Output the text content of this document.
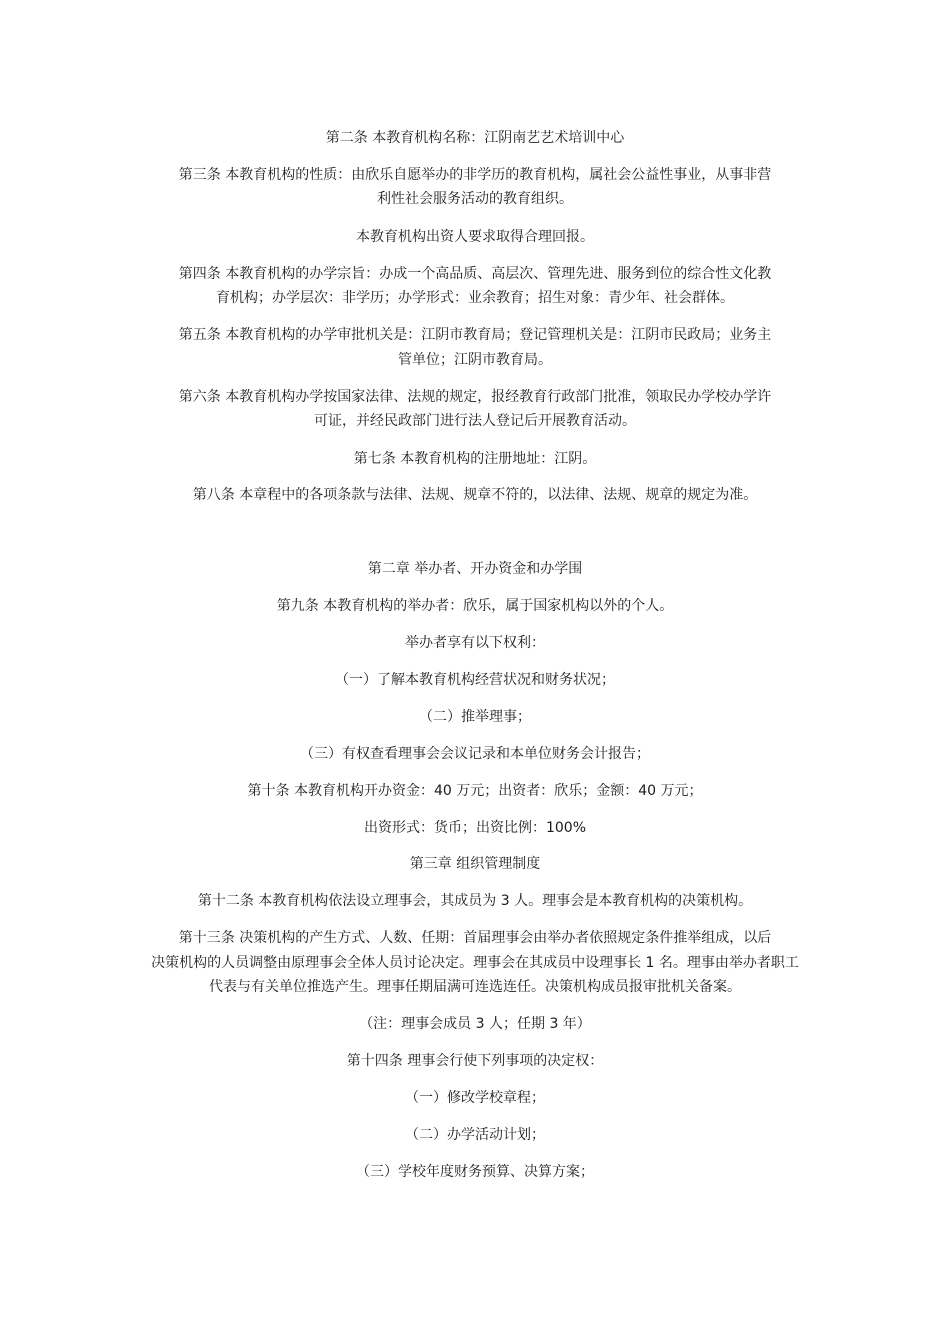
第二条 本教育机构名称：江阴南艺艺术培训中心
第三条 本教育机构的性质：由欣乐自愿举办的非学历的教育机构，属社会公益性事业，从事非营
利性社会服务活动的教育组织。
本教育机构出资人要求取得合理回报。
第四条 本教育机构的办学宗旨：办成一个高品质、高层次、管理先进、服务到位的综合性文化教
育机构；办学层次：非学历；办学形式：业余教育；招生对象：青少年、社会群体。
第五条 本教育机构的办学审批机关是：江阴市教育局；登记管理机关是：江阴市民政局；业务主
管单位；江阴市教育局。
第六条 本教育机构办学按国家法律、法规的规定，报经教育行政部门批准，领取民办学校办学许
可证，并经民政部门进行法人登记后开展教育活动。
第七条 本教育机构的注册地址：江阴。
第八条 本章程中的各项条款与法律、法规、规章不符的，以法律、法规、规章的规定为准。
第二章 举办者、开办资金和办学围
第九条 本教育机构的举办者：欣乐，属于国家机构以外的个人。
举办者享有以下权利：
（一）了解本教育机构经营状况和财务状况；
（二）推举理事；
（三）有权查看理事会会议记录和本单位财务会计报告；
第十条 本教育机构开办资金：40 万元；出资者：欣乐；金额：40 万元；
出资形式：货币；出资比例：100%
第三章 组织管理制度
第十二条 本教育机构依法设立理事会，其成员为 3 人。理事会是本教育机构的决策机构。
第十三条 决策机构的产生方式、人数、任期：首届理事会由举办者依照规定条件推举组成，以后
决策机构的人员调整由原理事会全体人员讨论决定。理事会在其成员中设理事长 1 名。理事由举办者职工
代表与有关单位推选产生。理事任期届满可连选连任。决策机构成员报审批机关备案。
（注：理事会成员 3 人；任期 3 年）
第十四条 理事会行使下列事项的决定权：
（一）修改学校章程；
（二）办学活动计划；
（三）学校年度财务预算、决算方案；
